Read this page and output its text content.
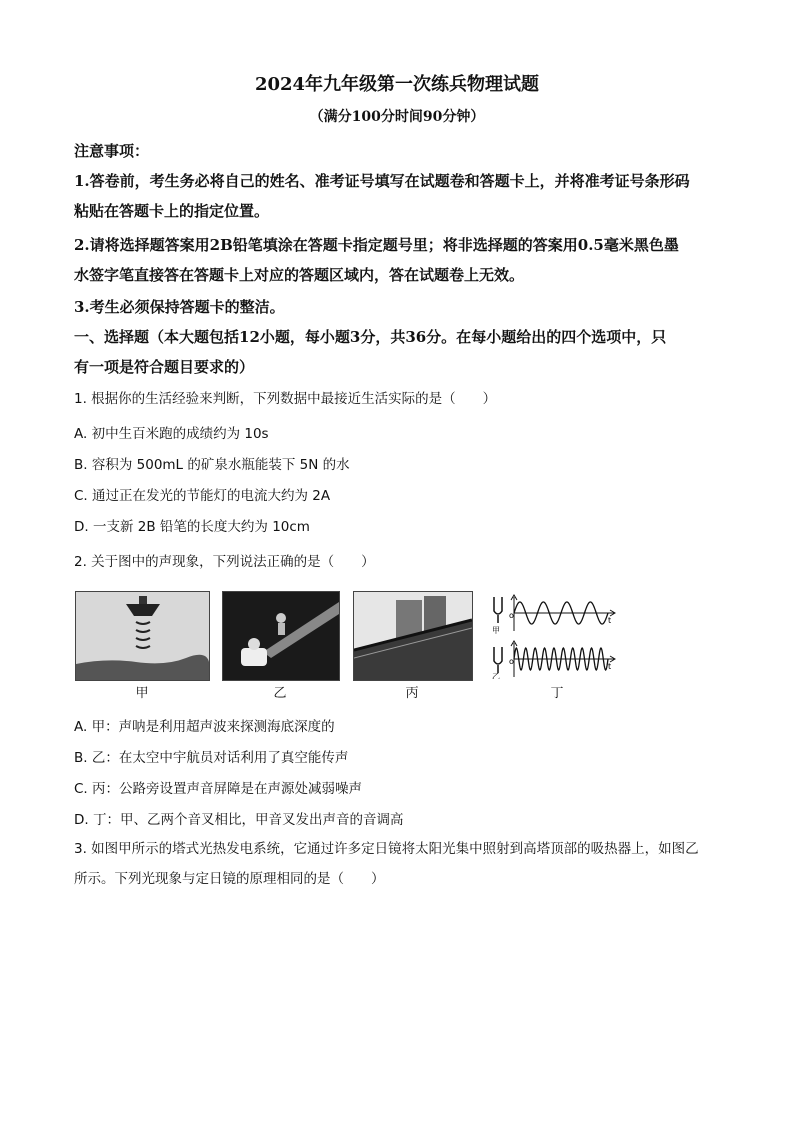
2024年九年级第一次练兵物理试题
（满分100分时间90分钟）
注意事项：
1.答卷前，考生务必将自己的姓名、准考证号填写在试题卷和答题卡上，并将准考证号条形码
粘贴在答题卡上的指定位置。
2.请将选择题答案用2B铅笔填涂在答题卡指定题号里；将非选择题的答案用0.5毫米黑色墨
水签字笔直接答在答题卡上对应的答题区域内，答在试题卷上无效。
3.考生必须保持答题卡的整洁。
一、选择题（本大题包括12小题，每小题3分，共36分。在每小题给出的四个选项中，只
有一项是符合题目要求的）
1. 根据你的生活经验来判断，下列数据中最接近生活实际的是（　　）
A. 初中生百米跑的成绩约为 10s
B. 容积为 500mL 的矿泉水瓶能装下 5N 的水
C. 通过正在发光的节能灯的电流大约为 2A
D. 一支新 2B 铅笔的长度大约为 10cm
2. 关于图中的声现象，下列说法正确的是（　　）
o
o
t
t
甲
乙
甲	乙	丙	丁
A. 甲：声呐是利用超声波来探测海底深度的
B. 乙：在太空中宇航员对话利用了真空能传声
C. 丙：公路旁设置声音屏障是在声源处减弱噪声
D. 丁：甲、乙两个音叉相比，甲音叉发出声音的音调高
3. 如图甲所示的塔式光热发电系统，它通过许多定日镜将太阳光集中照射到高塔顶部的吸热器上，如图乙
所示。下列光现象与定日镜的原理相同的是（　　）
